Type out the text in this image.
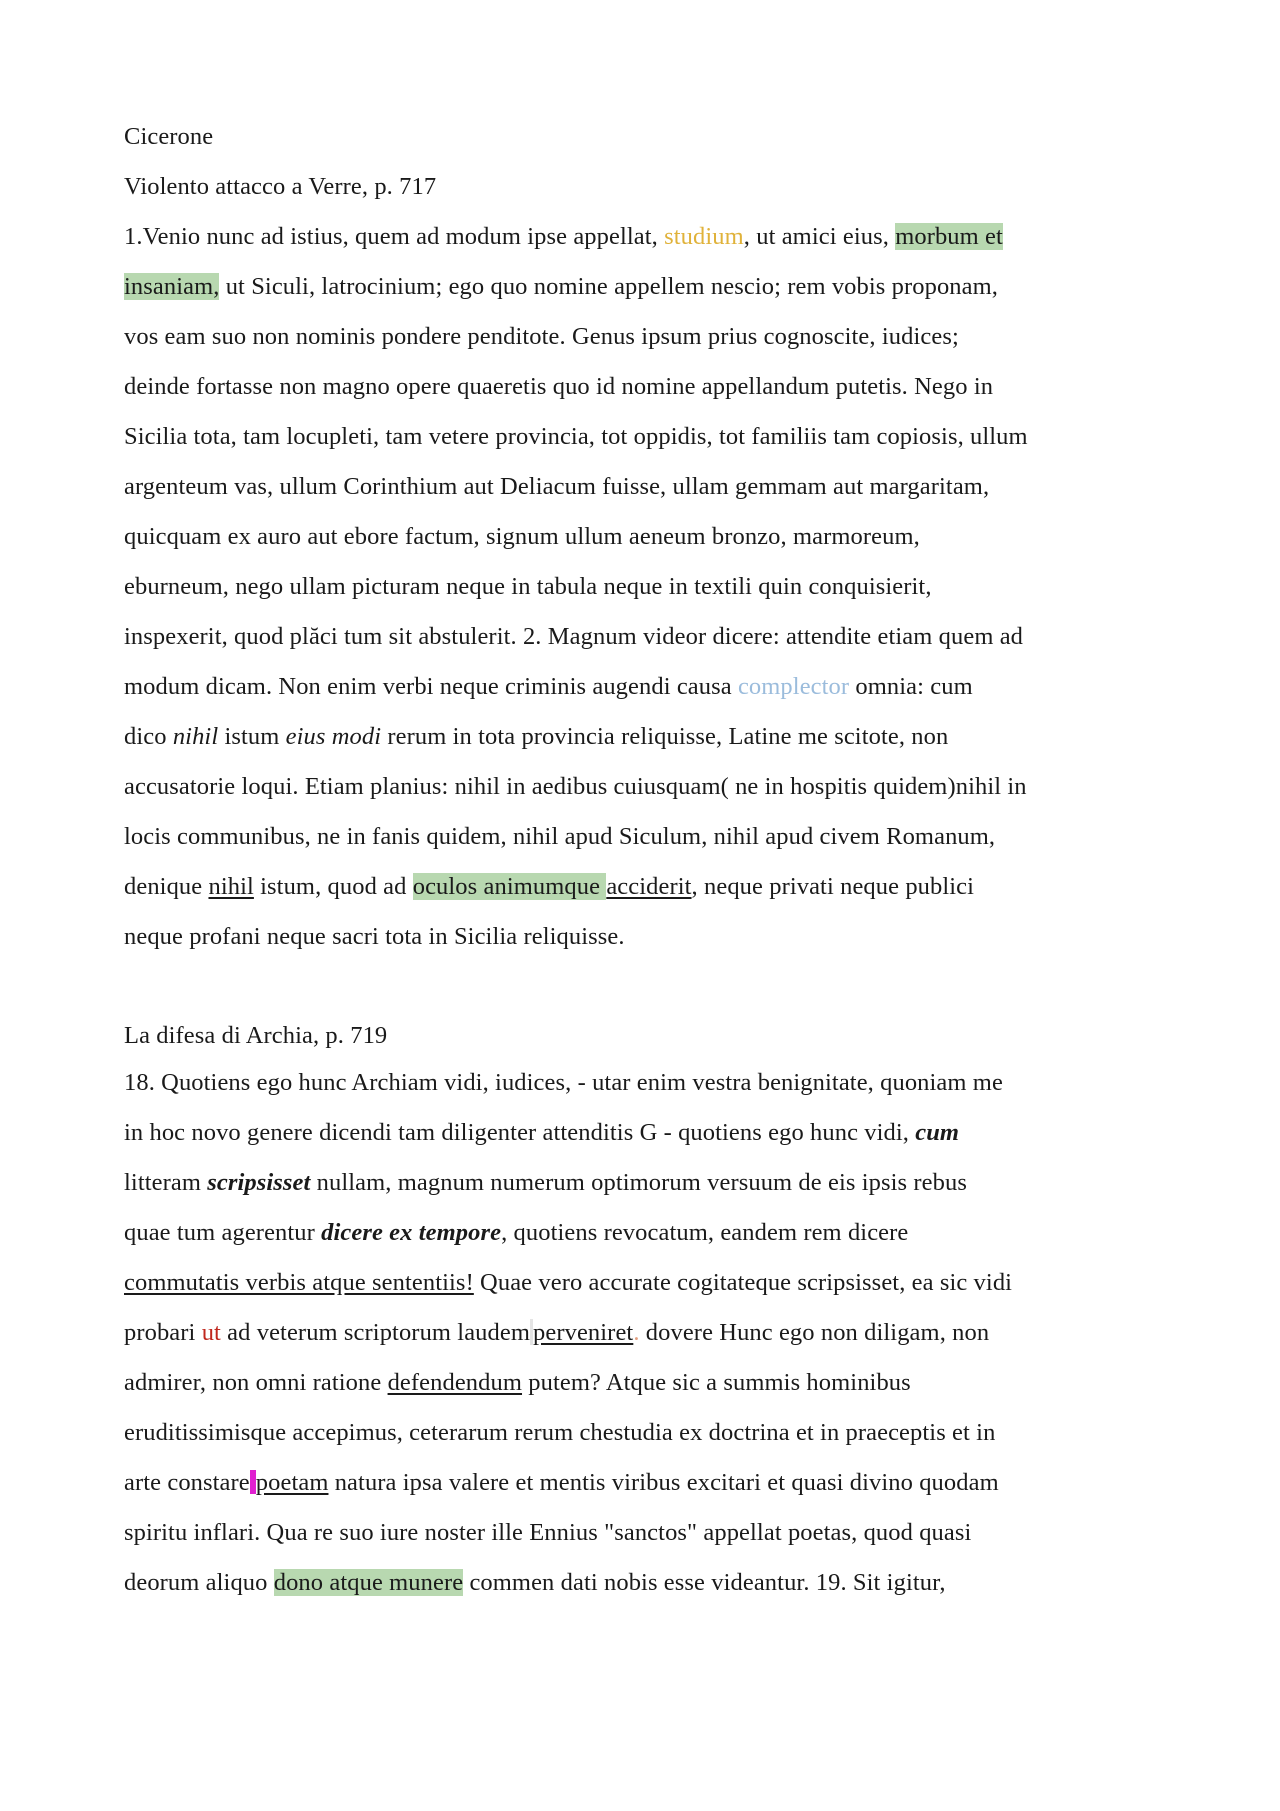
Cicerone
Violento attacco a Verre, p. 717
1.Venio nunc ad istius, quem ad modum ipse appellat, studium, ut amici eius, morbum et
insaniam, ut Siculi, latrocinium; ego quo nomine appellem nescio; rem vobis proponam,
vos eam suo non nominis pondere penditote. Genus ipsum prius cognoscite, iudices;
deinde fortasse non magno opere quaeretis quo id nomine appellandum putetis. Nego in
Sicilia tota, tam locupleti, tam vetere provincia, tot oppidis, tot familiis tam copiosis, ullum
argenteum vas, ullum Corinthium aut Deliacum fuisse, ullam gemmam aut margaritam,
quicquam ex auro aut ebore factum, signum ullum aeneum bronzo, marmoreum,
eburneum, nego ullam picturam neque in tabula neque in textili quin conquisierit,
inspexerit, quod plăci tum sit abstulerit. 2. Magnum videor dicere: attendite etiam quem ad
modum dicam. Non enim verbi neque criminis augendi causa complector omnia: cum
dico nihil istum eius modi rerum in tota provincia reliquisse, Latine me scitote, non
accusatorie loqui. Etiam planius: nihil in aedibus cuiusquam( ne in hospitis quidem)nihil in
locis communibus, ne in fanis quidem, nihil apud Siculum, nihil apud civem Romanum,
denique nihil istum, quod ad oculos animumque acciderit, neque privati neque publici
neque profani neque sacri tota in Sicilia reliquisse.
La difesa di Archia, p. 719
18. Quotiens ego hunc Archiam vidi, iudices, - utar enim vestra benignitate, quoniam me
in hoc novo genere dicendi tam diligenter attenditis G - quotiens ego hunc vidi, cum
litteram scripsisset nullam, magnum numerum optimorum versuum de eis ipsis rebus
quae tum agerentur dicere ex tempore, quotiens revocatum, eandem rem dicere
commutatis verbis atque sententiis! Quae vero accurate cogitateque scripsisset, ea sic vidi
probari ut ad veterum scriptorum laudem perveniret. dovere Hunc ego non diligam, non
admirer, non omni ratione defendendum putem? Atque sic a summis hominibus
eruditissimisque accepimus, ceterarum rerum chestudia ex doctrina et in praeceptis et in
arte constare poetam natura ipsa valere et mentis viribus excitari et quasi divino quodam
spiritu inflari. Qua re suo iure noster ille Ennius "sanctos" appellat poetas, quod quasi
deorum aliquo dono atque munere commen dati nobis esse videantur. 19. Sit igitur,
